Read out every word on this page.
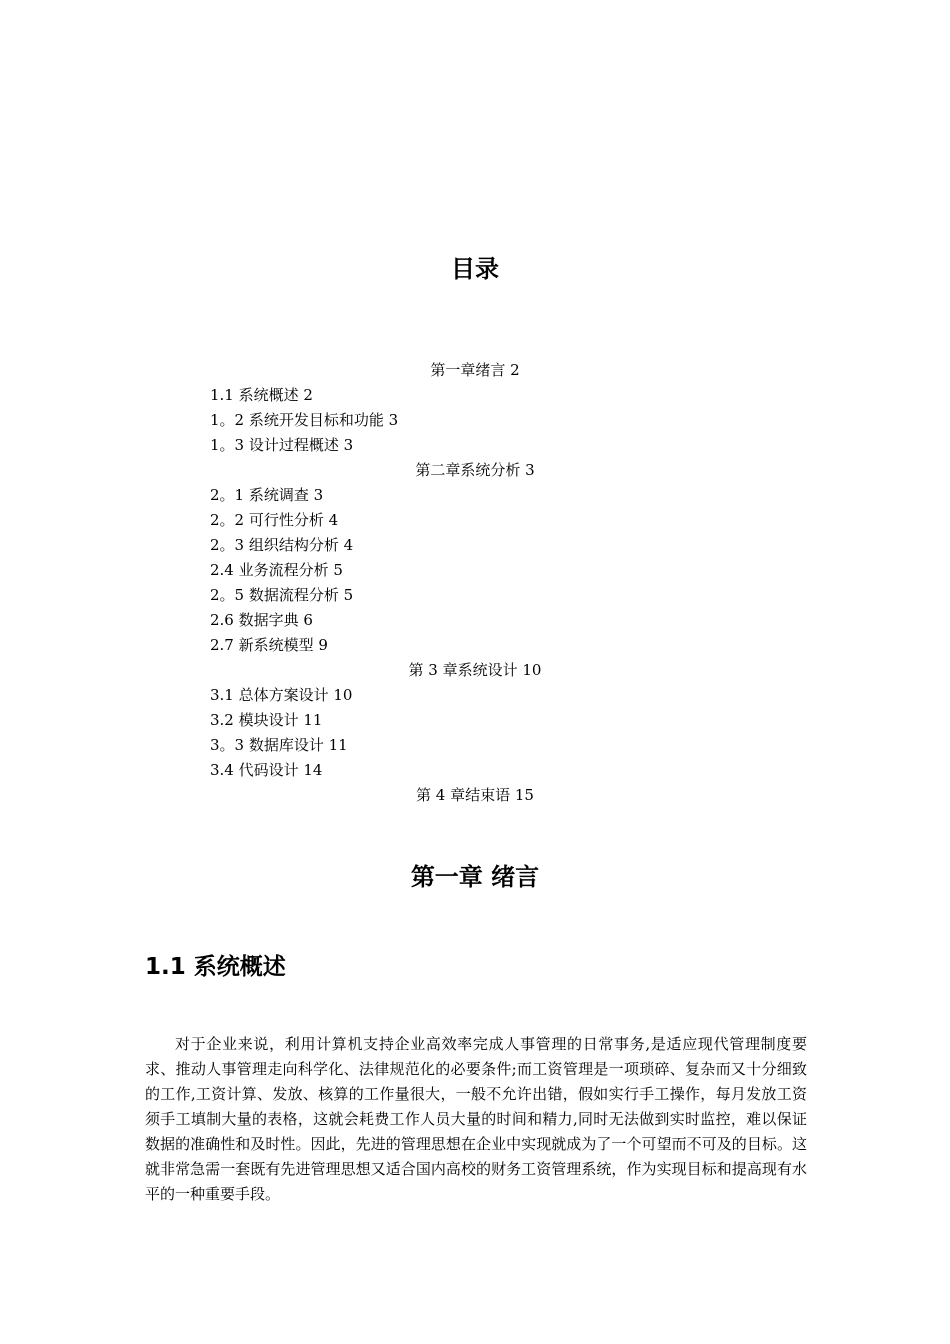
目录
第一章绪言 2
1.1 系统概述 2
1。2 系统开发目标和功能 3
1。3 设计过程概述 3
第二章系统分析 3
2。1 系统调查 3
2。2 可行性分析 4
2。3 组织结构分析 4
2.4 业务流程分析 5
2。5 数据流程分析 5
2.6 数据字典 6
2.7 新系统模型 9
第 3 章系统设计 10
3.1 总体方案设计 10
3.2 模块设计 11
3。3 数据库设计 11
3.4 代码设计 14
第 4 章结束语 15
第一章 绪言
1.1 系统概述

对于企业来说，利用计算机支持企业高效率完成人事管理的日常事务,是适应现代管理制度要求、推动人事管理走向科学化、法律规范化的必要条件;而工资管理是一项琐碎、复杂而又十分细致的工作,工资计算、发放、核算的工作量很大，一般不允许出错，假如实行手工操作，每月发放工资须手工填制大量的表格，这就会耗费工作人员大量的时间和精力,同时无法做到实时监控，难以保证数据的准确性和及时性。因此，先进的管理思想在企业中实现就成为了一个可望而不可及的目标。这就非常急需一套既有先进管理思想又适合国内高校的财务工资管理系统，作为实现目标和提高现有水平的一种重要手段。
